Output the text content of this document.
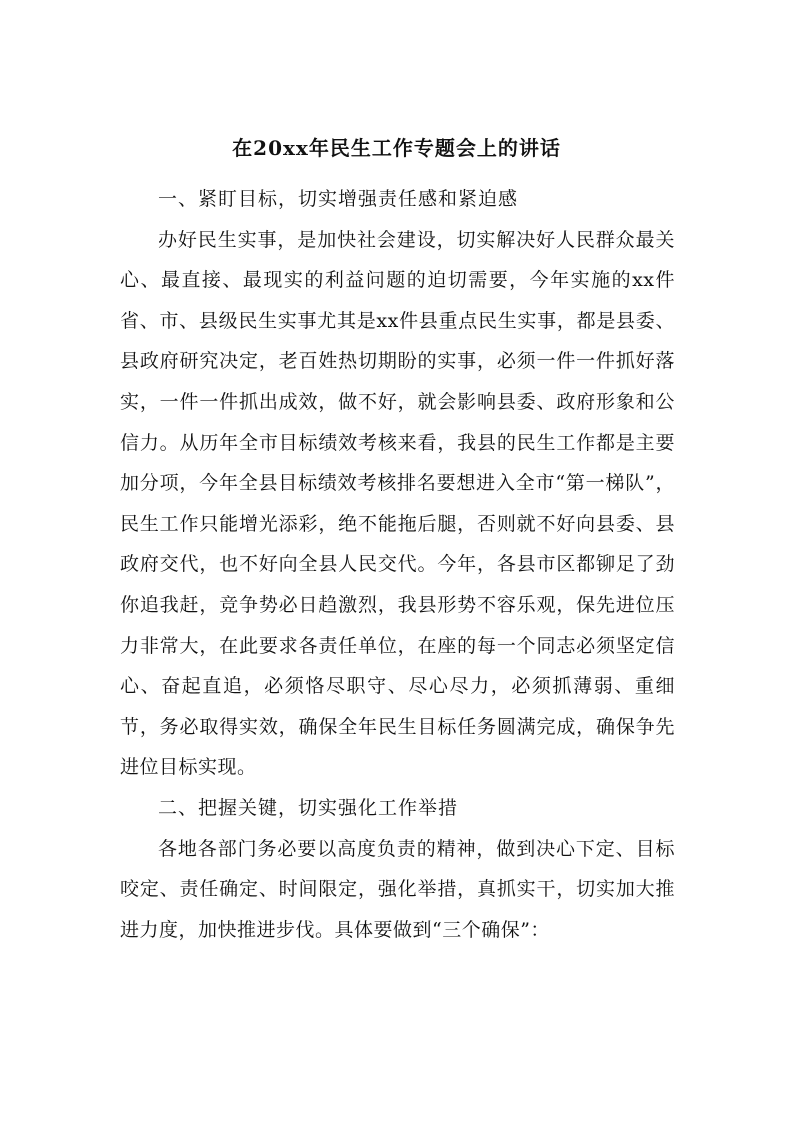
在20xx年民生工作专题会上的讲话

一、紧盯目标，切实增强责任感和紧迫感

办好民生实事，是加快社会建设，切实解决好人民群众最关心、最直接、最现实的利益问题的迫切需要，今年实施的xx件省、市、县级民生实事尤其是xx件县重点民生实事，都是县委、县政府研究决定，老百姓热切期盼的实事，必须一件一件抓好落实，一件一件抓出成效，做不好，就会影响县委、政府形象和公信力。从历年全市目标绩效考核来看，我县的民生工作都是主要加分项，今年全县目标绩效考核排名要想进入全市“第一梯队”，民生工作只能增光添彩，绝不能拖后腿，否则就不好向县委、县政府交代，也不好向全县人民交代。今年，各县市区都铆足了劲你追我赶，竞争势必日趋激烈，我县形势不容乐观，保先进位压力非常大，在此要求各责任单位，在座的每一个同志必须坚定信心、奋起直追，必须恪尽职守、尽心尽力，必须抓薄弱、重细节，务必取得实效，确保全年民生目标任务圆满完成，确保争先进位目标实现。

二、把握关键，切实强化工作举措

各地各部门务必要以高度负责的精神，做到决心下定、目标咬定、责任确定、时间限定，强化举措，真抓实干，切实加大推进力度，加快推进步伐。具体要做到“三个确保”：
